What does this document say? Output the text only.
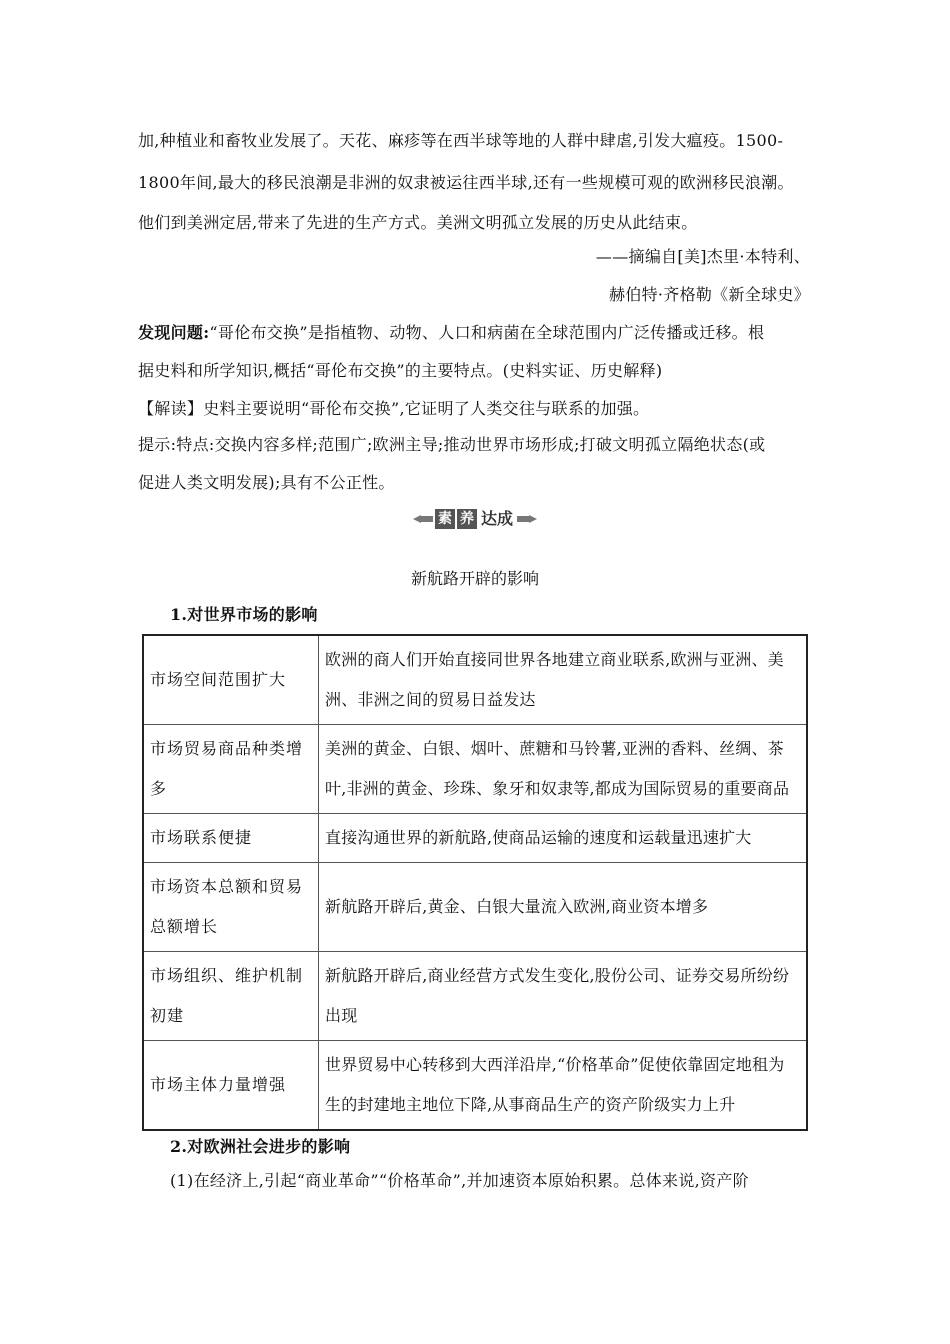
加,种植业和畜牧业发展了。天花、麻疹等在西半球等地的人群中肆虐,引发大瘟疫。1500-
1800年间,最大的移民浪潮是非洲的奴隶被运往西半球,还有一些规模可观的欧洲移民浪潮。
他们到美洲定居,带来了先进的生产方式。美洲文明孤立发展的历史从此结束。
——摘编自[美]杰里·本特利、
赫伯特·齐格勒《新全球史》
发现问题:“哥伦布交换”是指植物、动物、人口和病菌在全球范围内广泛传播或迁移。根
据史料和所学知识,概括“哥伦布交换”的主要特点。(史料实证、历史解释)
【解读】史料主要说明“哥伦布交换”,它证明了人类交往与联系的加强。
提示:特点:交换内容多样;范围广;欧洲主导;推动世界市场形成;打破文明孤立隔绝状态(或
促进人类文明发展);具有不公正性。
素 养 达成
新航路开辟的影响
1.对世界市场的影响
市场空间范围扩大	欧洲的商人们开始直接同世界各地建立商业联系,欧洲与亚洲、美洲、非洲之间的贸易日益发达
市场贸易商品种类增多	美洲的黄金、白银、烟叶、蔗糖和马铃薯,亚洲的香料、丝绸、茶叶,非洲的黄金、珍珠、象牙和奴隶等,都成为国际贸易的重要商品
市场联系便捷	直接沟通世界的新航路,使商品运输的速度和运载量迅速扩大
市场资本总额和贸易总额增长	新航路开辟后,黄金、白银大量流入欧洲,商业资本增多
市场组织、维护机制初建	新航路开辟后,商业经营方式发生变化,股份公司、证券交易所纷纷出现
市场主体力量增强	世界贸易中心转移到大西洋沿岸,“价格革命”促使依靠固定地租为生的封建地主地位下降,从事商品生产的资产阶级实力上升
2.对欧洲社会进步的影响
(1)在经济上,引起“商业革命”“价格革命”,并加速资本原始积累。总体来说,资产阶
